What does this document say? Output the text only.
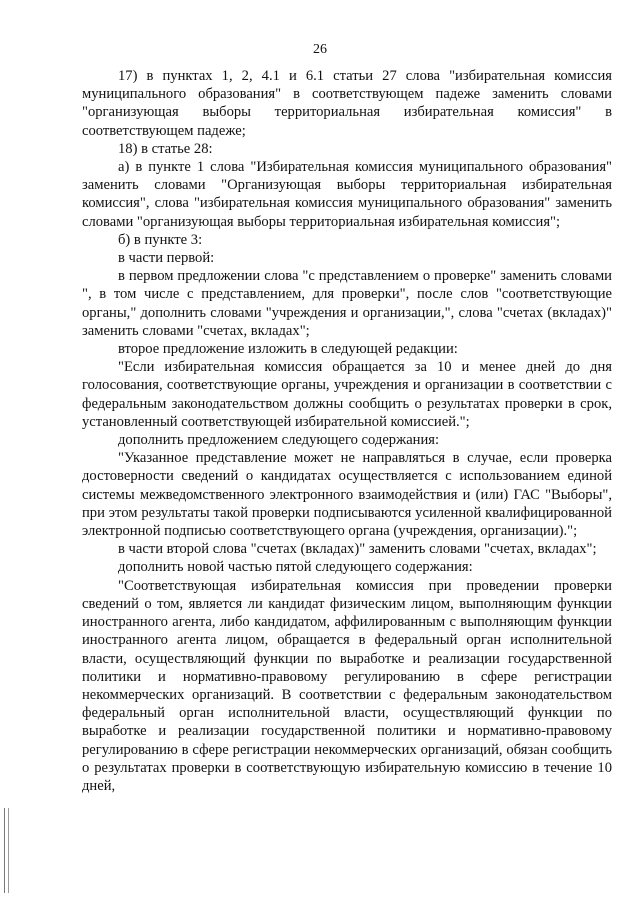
26

17) в пунктах 1, 2, 4.1 и 6.1 статьи 27 слова "избирательная комиссия муниципального образования" в соответствующем падеже заменить словами "организующая выборы территориальная избирательная комиссия" в соответствующем падеже;

18) в статье 28:

а) в пункте 1 слова "Избирательная комиссия муниципального образования" заменить словами "Организующая выборы территориальная избирательная комиссия", слова "избирательная комиссия муниципального образования" заменить словами "организующая выборы территориальная избирательная комиссия";

б) в пункте 3:

в части первой:

в первом предложении слова "с представлением о проверке" заменить словами ", в том числе с представлением, для проверки", после слов "соответствующие органы," дополнить словами "учреждения и организации,", слова "счетах (вкладах)" заменить словами "счетах, вкладах";

второе предложение изложить в следующей редакции:

"Если избирательная комиссия обращается за 10 и менее дней до дня голосования, соответствующие органы, учреждения и организации в соответствии с федеральным законодательством должны сообщить о результатах проверки в срок, установленный соответствующей избирательной комиссией.";

дополнить предложением следующего содержания:

"Указанное представление может не направляться в случае, если проверка достоверности сведений о кандидатах осуществляется с использованием единой системы межведомственного электронного взаимодействия и (или) ГАС "Выборы", при этом результаты такой проверки подписываются усиленной квалифицированной электронной подписью соответствующего органа (учреждения, организации).";

в части второй слова "счетах (вкладах)" заменить словами "счетах, вкладах";

дополнить новой частью пятой следующего содержания:

"Соответствующая избирательная комиссия при проведении проверки сведений о том, является ли кандидат физическим лицом, выполняющим функции иностранного агента, либо кандидатом, аффилированным с выполняющим функции иностранного агента лицом, обращается в федеральный орган исполнительной власти, осуществляющий функции по выработке и реализации государственной политики и нормативно-правовому регулированию в сфере регистрации некоммерческих организаций. В соответствии с федеральным законодательством федеральный орган исполнительной власти, осуществляющий функции по выработке и реализации государственной политики и нормативно-правовому регулированию в сфере регистрации некоммерческих организаций, обязан сообщить о результатах проверки в соответствующую избирательную комиссию в течение 10 дней,
